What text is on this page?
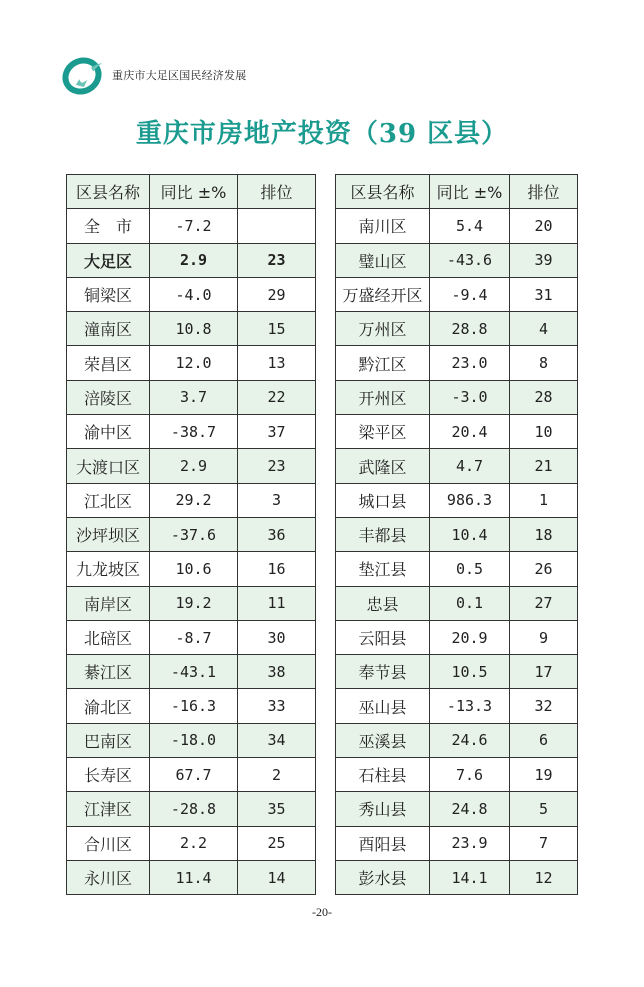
重庆市大足区国民经济发展
重庆市房地产投资（39 区县）
区县名称	同比 ±%	排位
全　市	-7.2	
大足区	2.9	23
铜梁区	-4.0	29
潼南区	10.8	15
荣昌区	12.0	13
涪陵区	3.7	22
渝中区	-38.7	37
大渡口区	2.9	23
江北区	29.2	3
沙坪坝区	-37.6	36
九龙坡区	10.6	16
南岸区	19.2	11
北碚区	-8.7	30
綦江区	-43.1	38
渝北区	-16.3	33
巴南区	-18.0	34
长寿区	67.7	2
江津区	-28.8	35
合川区	2.2	25
永川区	11.4	14
区县名称	同比 ±%	排位
南川区	5.4	20
璧山区	-43.6	39
万盛经开区	-9.4	31
万州区	28.8	4
黔江区	23.0	8
开州区	-3.0	28
梁平区	20.4	10
武隆区	4.7	21
城口县	986.3	1
丰都县	10.4	18
垫江县	0.5	26
忠县	0.1	27
云阳县	20.9	9
奉节县	10.5	17
巫山县	-13.3	32
巫溪县	24.6	6
石柱县	7.6	19
秀山县	24.8	5
酉阳县	23.9	7
彭水县	14.1	12
-20-
